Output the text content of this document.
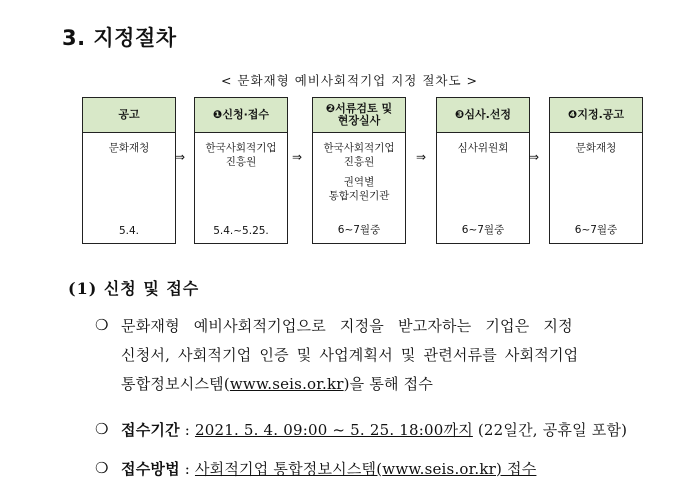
3. 지정절차
< 문화재형 예비사회적기업 지정 절차도 >
공고
문화재청
5.4.
⇒
❶신청·접수
한국사회적기업
진흥원
5.4.~5.25.
⇒
❷서류검토 및
현장실사
한국사회적기업
진흥원
권역별
통합지원기관
6~7월중
⇒
❸심사.선정
심사위원회
6~7월중
⇒
❹지정.공고
문화재청
6~7월중
(1) 신청 및 접수
❍ 문화재형 예비사회적기업으로 지정을 받고자하는 기업은 지정
신청서, 사회적기업 인증 및 사업계획서 및 관련서류를 사회적기업
통합정보시스템(www.seis.or.kr)을 통해 접수
❍ 접수기간 : 2021. 5. 4. 09:00 ~ 5. 25. 18:00까지 (22일간, 공휴일 포함)
❍ 접수방법 : 사회적기업 통합정보시스템(www.seis.or.kr) 접수
